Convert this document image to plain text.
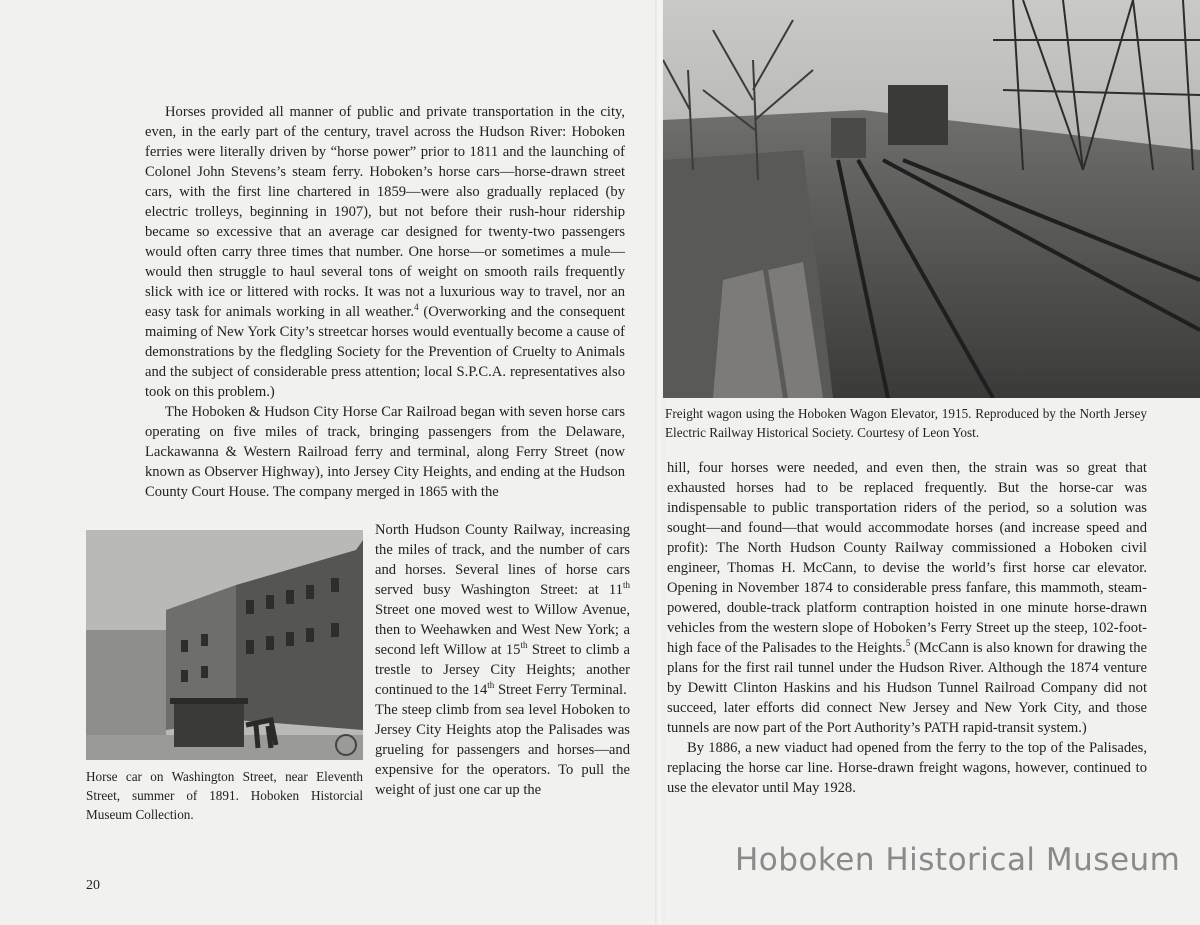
Freight wagon using the Hoboken Wagon Elevator, 1915. Reproduced by the North Jersey Electric Railway Historical Society. Courtesy of Leon Yost.

Horses provided all manner of public and private transportation in the city, even, in the early part of the century, travel across the Hudson River: Hoboken ferries were literally driven by “horse power” prior to 1811 and the launching of Colonel John Stevens’s steam ferry. Hoboken’s horse cars—horse-drawn street cars, with the first line chartered in 1859—were also gradually replaced (by electric trolleys, beginning in 1907), but not before their rush-hour ridership became so excessive that an average car designed for twenty-two passengers would often carry three times that number. One horse—or sometimes a mule—would then struggle to haul several tons of weight on smooth rails frequently slick with ice or littered with rocks. It was not a luxurious way to travel, nor an easy task for animals working in all weather.$^4$ (Overworking and the consequent maiming of New York City’s streetcar horses would eventually become a cause of demonstrations by the fledgling Society for the Prevention of Cruelty to Animals and the subject of considerable press attention; local S.P.C.A. representatives also took on this problem.)

The Hoboken & Hudson City Horse Car Railroad began with seven horse cars operating on five miles of track, bringing passengers from the Delaware, Lackawanna & Western Railroad ferry and terminal, along Ferry Street (now known as Observer Highway), into Jersey City Heights, and ending at the Hudson County Court House. The company merged in 1865 with the

North Hudson County Railway, increasing the miles of track, and the number of cars and horses. Several lines of horse cars served busy Washington Street: at 11th Street one moved west to Willow Avenue, then to Weehawken and West New York; a second left Willow at 15th Street to climb a trestle to Jersey City Heights; another continued to the 14th Street Ferry Terminal.

The steep climb from sea level Hoboken to Jersey City Heights atop the Palisades was grueling for passengers and horses—and expensive for the operators. To pull the weight of just one car up the

Horse car on Washington Street, near Eleventh Street, summer of 1891. Hoboken Historcial Museum Collection.

hill, four horses were needed, and even then, the strain was so great that exhausted horses had to be replaced frequently. But the horse-car was indispensable to public transportation riders of the period, so a solution was sought—and found—that would accommodate horses (and increase speed and profit): The North Hudson County Railway commissioned a Hoboken civil engineer, Thomas H. McCann, to devise the world’s first horse car elevator. Opening in November 1874 to considerable press fanfare, this mammoth, steam-powered, double-track platform contraption hoisted in one minute horse-drawn vehicles from the western slope of Hoboken’s Ferry Street up the steep, 102-foot-high face of the Palisades to the Heights.$^5$ (McCann is also known for drawing the plans for the first rail tunnel under the Hudson River. Although the 1874 venture by Dewitt Clinton Haskins and his Hudson Tunnel Railroad Company did not succeed, later efforts did connect New Jersey and New York City, and those tunnels are now part of the Port Authority’s PATH rapid-transit system.)

By 1886, a new viaduct had opened from the ferry to the top of the Palisades, replacing the horse car line. Horse-drawn freight wagons, however, continued to use the elevator until May 1928.

20
Hoboken Historical Museum
